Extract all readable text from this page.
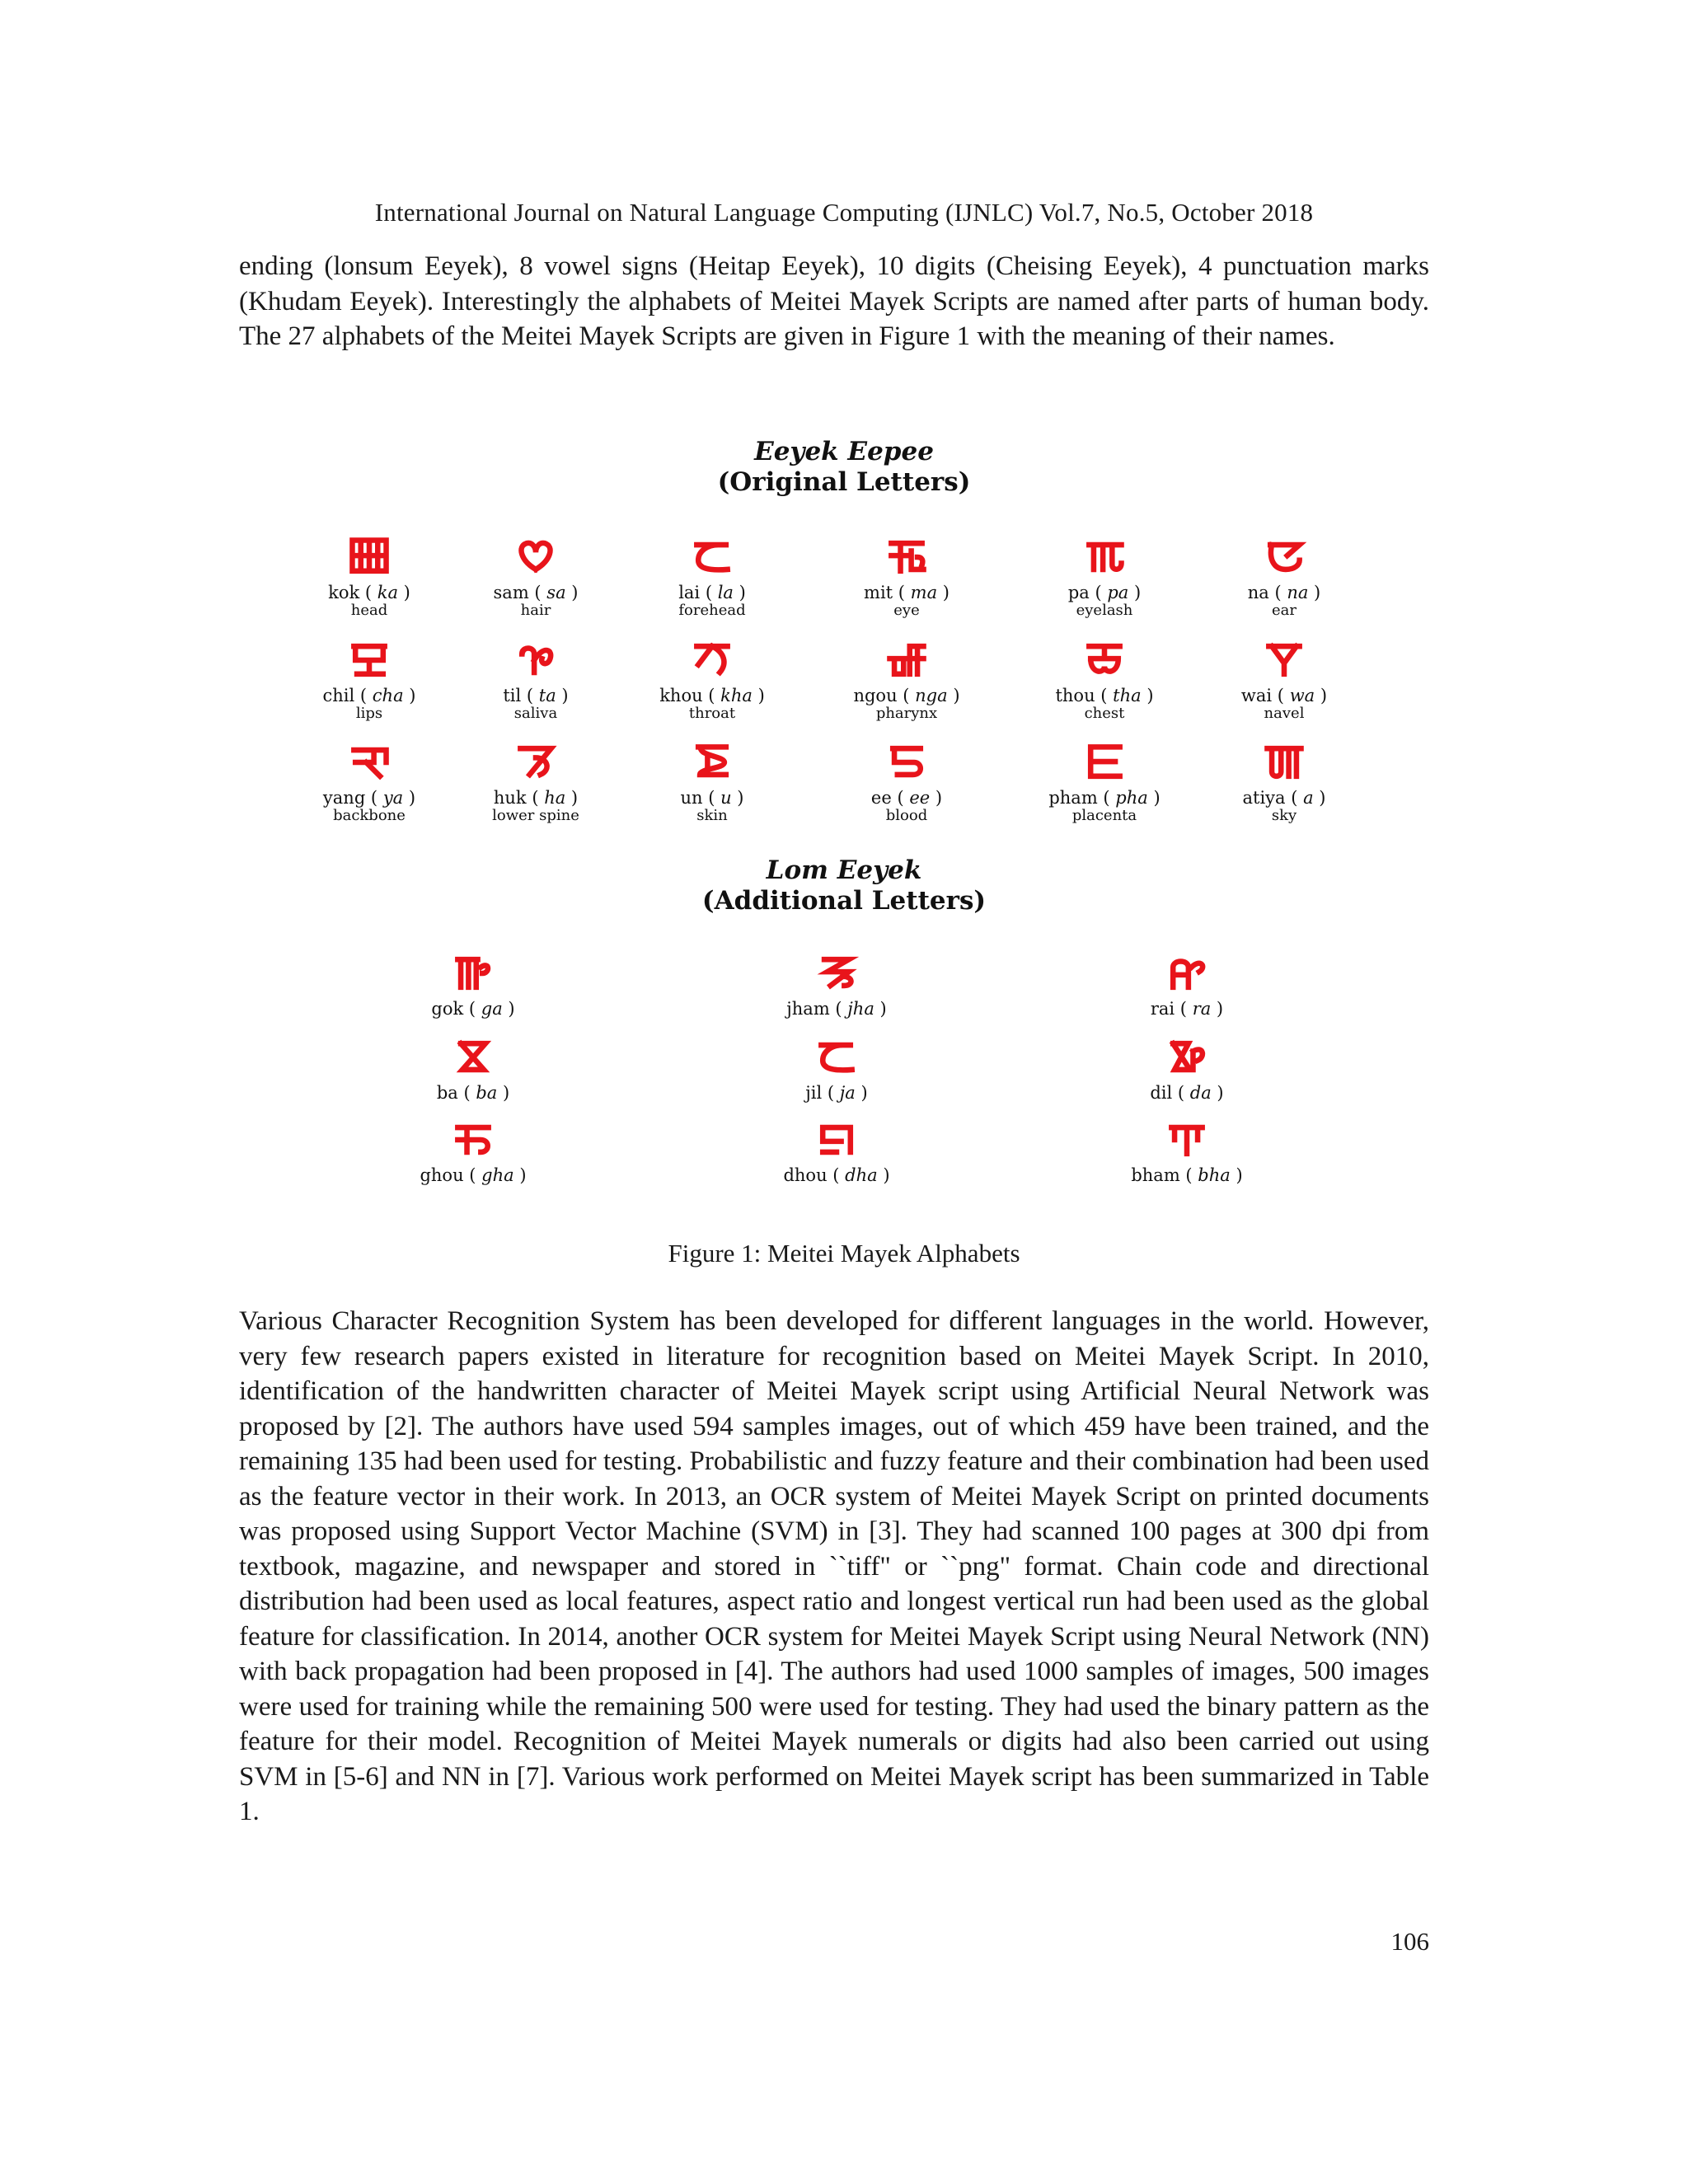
International Journal on Natural Language Computing (IJNLC) Vol.7, No.5, October 2018
ending (lonsum Eeyek), 8 vowel signs (Heitap Eeyek), 10 digits (Cheising Eeyek), 4 punctuation marks (Khudam Eeyek). Interestingly the alphabets of Meitei Mayek Scripts are named after parts of human body. The 27 alphabets of the Meitei Mayek Scripts are given in Figure 1 with the meaning of their names.
Eeyek Eepee
(Original Letters)
kok ( ka )
head
sam ( sa )
hair
lai ( la )
forehead
mit ( ma )
eye
pa ( pa )
eyelash
na ( na )
ear
chil ( cha )
lips
til ( ta )
saliva
khou ( kha )
throat
ngou ( nga )
pharynx
thou ( tha )
chest
wai ( wa )
navel
yang ( ya )
backbone
huk ( ha )
lower spine
un ( u )
skin
ee ( ee )
blood
pham ( pha )
placenta
atiya ( a )
sky
Lom Eeyek
(Additional Letters)
gok ( ga )	jham ( jha )	rai ( ra )
ba ( ba )	jil ( ja )	dil ( da )
ghou ( gha )	dhou ( dha )	bham ( bha )
Figure 1: Meitei Mayek Alphabets
Various Character Recognition System has been developed for different languages in the world. However, very few research papers existed in literature for recognition based on Meitei Mayek Script. In 2010, identification of the handwritten character of Meitei Mayek script using Artificial Neural Network was proposed by [2]. The authors have used 594 samples images, out of which 459 have been trained, and the remaining 135 had been used for testing. Probabilistic and fuzzy feature and their combination had been used as the feature vector in their work. In 2013, an OCR system of Meitei Mayek Script on printed documents was proposed using Support Vector Machine (SVM) in [3]. They had scanned 100 pages at 300 dpi from textbook, magazine, and newspaper and stored in ``tiff" or ``png" format. Chain code and directional distribution had been used as local features, aspect ratio and longest vertical run had been used as the global feature for classification. In 2014, another OCR system for Meitei Mayek Script using Neural Network (NN) with back propagation had been proposed in [4]. The authors had used 1000 samples of images, 500 images were used for training while the remaining 500 were used for testing. They had used the binary pattern as the feature for their model. Recognition of Meitei Mayek numerals or digits had also been carried out using SVM in [5-6] and NN in [7]. Various work performed on Meitei Mayek script has been summarized in Table 1.
106
